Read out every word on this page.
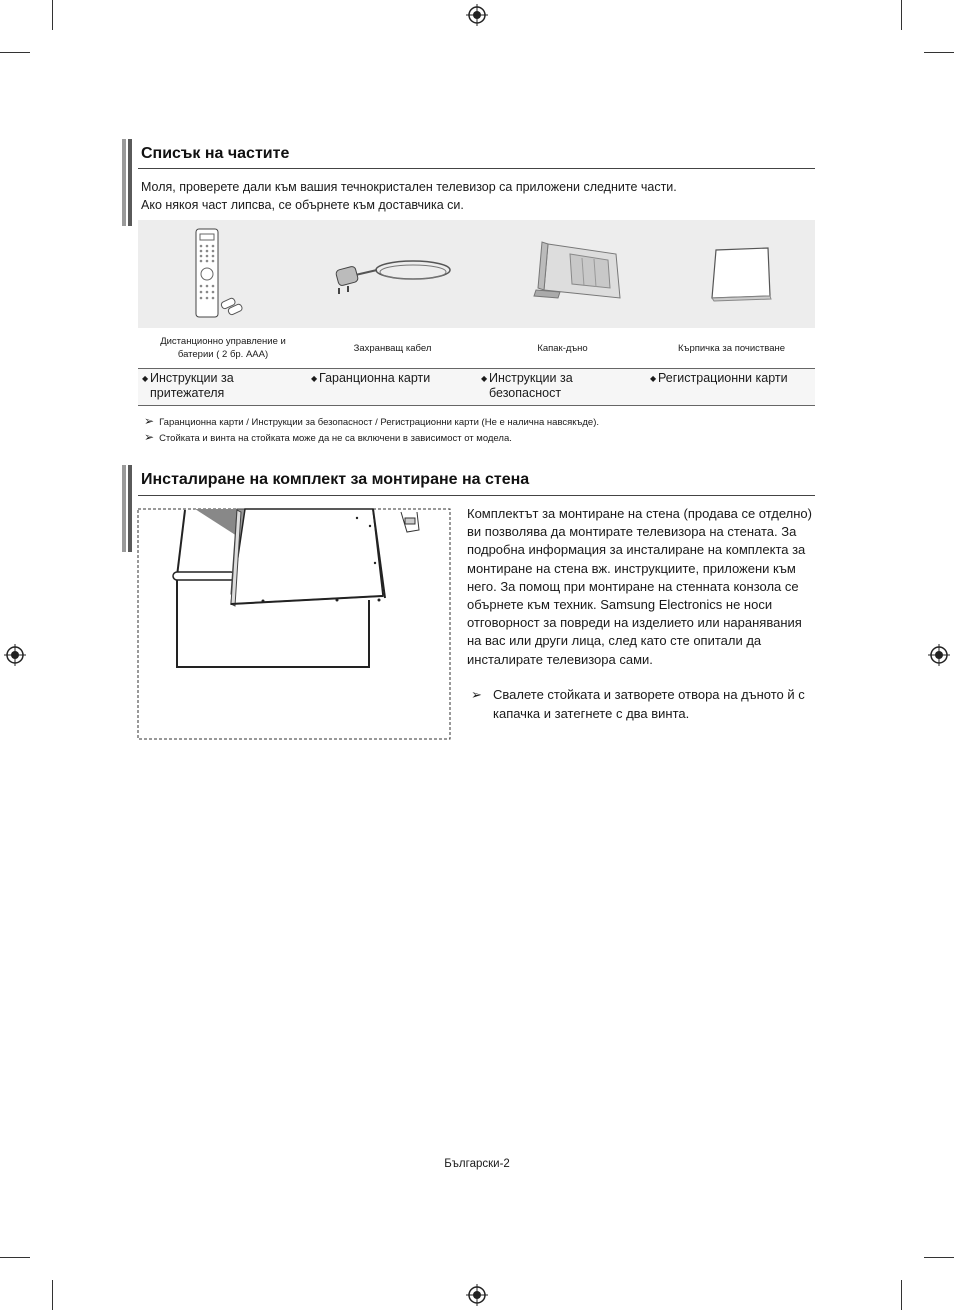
Списък на частите
Моля, проверете дали към вашия течнокристален телевизор са приложени следните части.
Ако някоя част липсва, се обърнете към доставчика си.
Дистанционно управление и батерии ( 2 бр. AAA)
Захранващ кабел	Капак-дъно	Кърпичка за почистване
◆ Инструкции за притежателя
◆ Гаранционна карти	◆ Инструкции за безопасност
◆ Регистрационни карти
➢ Гаранционна карти / Инструкции за безопасност / Регистрационни карти (Не е налична навсякъде).
➢ Стойката и винта на стойката може да не са включени в зависимост от модела.
Инсталиране на комплект за монтиране на стена
Комплектът за монтиране на стена (продава се отделно) ви позволява да монтирате телевизора на стената. За подробна информация за инсталиране на комплекта за монтиране на стена вж. инструкциите, приложени към него. За помощ при монтиране на стенната конзола се обърнете към техник. Samsung Electronics не носи отговорност за повреди на изделието или наранявания на вас или други лица, след като сте опитали да инсталирате телевизора сами.
➢ Свалете стойката и затворете отвора на дъното й с капачка и затегнете с два винта.
Български-2
